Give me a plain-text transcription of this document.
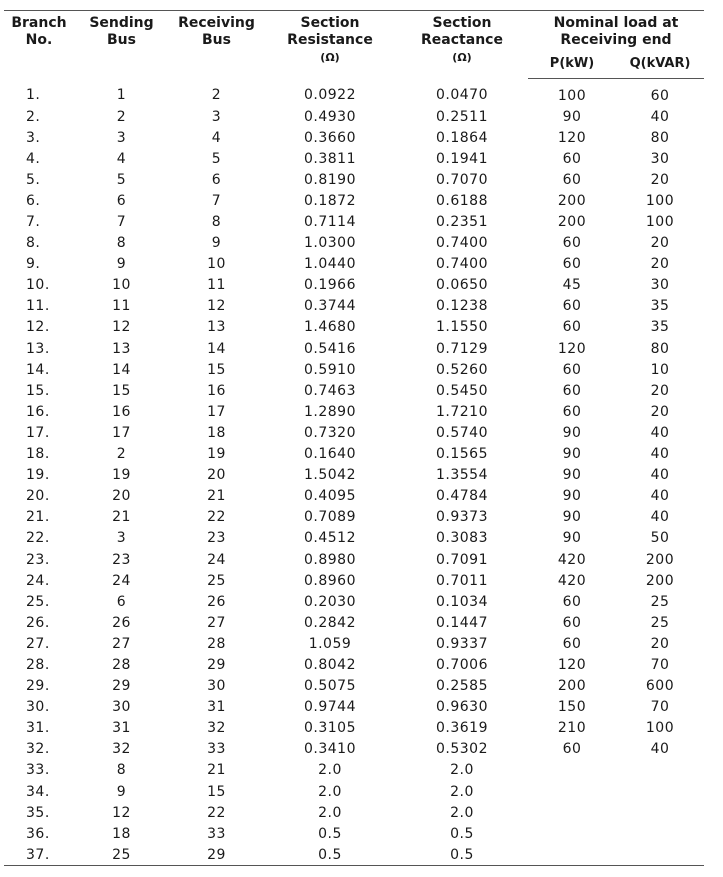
Branch
No.	Sending
Bus	Receiving
Bus	Section
Resistance
(Ω)	Section
Reactance
(Ω)	Nominal load at
Receiving end	
					P(kW)	Q(kVAR)
1.	1	2	0.0922	0.0470	100	60
2.	2	3	0.4930	0.2511	90	40
3.	3	4	0.3660	0.1864	120	80
4.	4	5	0.3811	0.1941	60	30
5.	5	6	0.8190	0.7070	60	20
6.	6	7	0.1872	0.6188	200	100
7.	7	8	0.7114	0.2351	200	100
8.	8	9	1.0300	0.7400	60	20
9.	9	10	1.0440	0.7400	60	20
10.	10	11	0.1966	0.0650	45	30
11.	11	12	0.3744	0.1238	60	35
12.	12	13	1.4680	1.1550	60	35
13.	13	14	0.5416	0.7129	120	80
14.	14	15	0.5910	0.5260	60	10
15.	15	16	0.7463	0.5450	60	20
16.	16	17	1.2890	1.7210	60	20
17.	17	18	0.7320	0.5740	90	40
18.	2	19	0.1640	0.1565	90	40
19.	19	20	1.5042	1.3554	90	40
20.	20	21	0.4095	0.4784	90	40
21.	21	22	0.7089	0.9373	90	40
22.	3	23	0.4512	0.3083	90	50
23.	23	24	0.8980	0.7091	420	200
24.	24	25	0.8960	0.7011	420	200
25.	6	26	0.2030	0.1034	60	25
26.	26	27	0.2842	0.1447	60	25
27.	27	28	1.059	0.9337	60	20
28.	28	29	0.8042	0.7006	120	70
29.	29	30	0.5075	0.2585	200	600
30.	30	31	0.9744	0.9630	150	70
31.	31	32	0.3105	0.3619	210	100
32.	32	33	0.3410	0.5302	60	40
33.	8	21	2.0	2.0		
34.	9	15	2.0	2.0		
35.	12	22	2.0	2.0		
36.	18	33	0.5	0.5		
37.	25	29	0.5	0.5		
